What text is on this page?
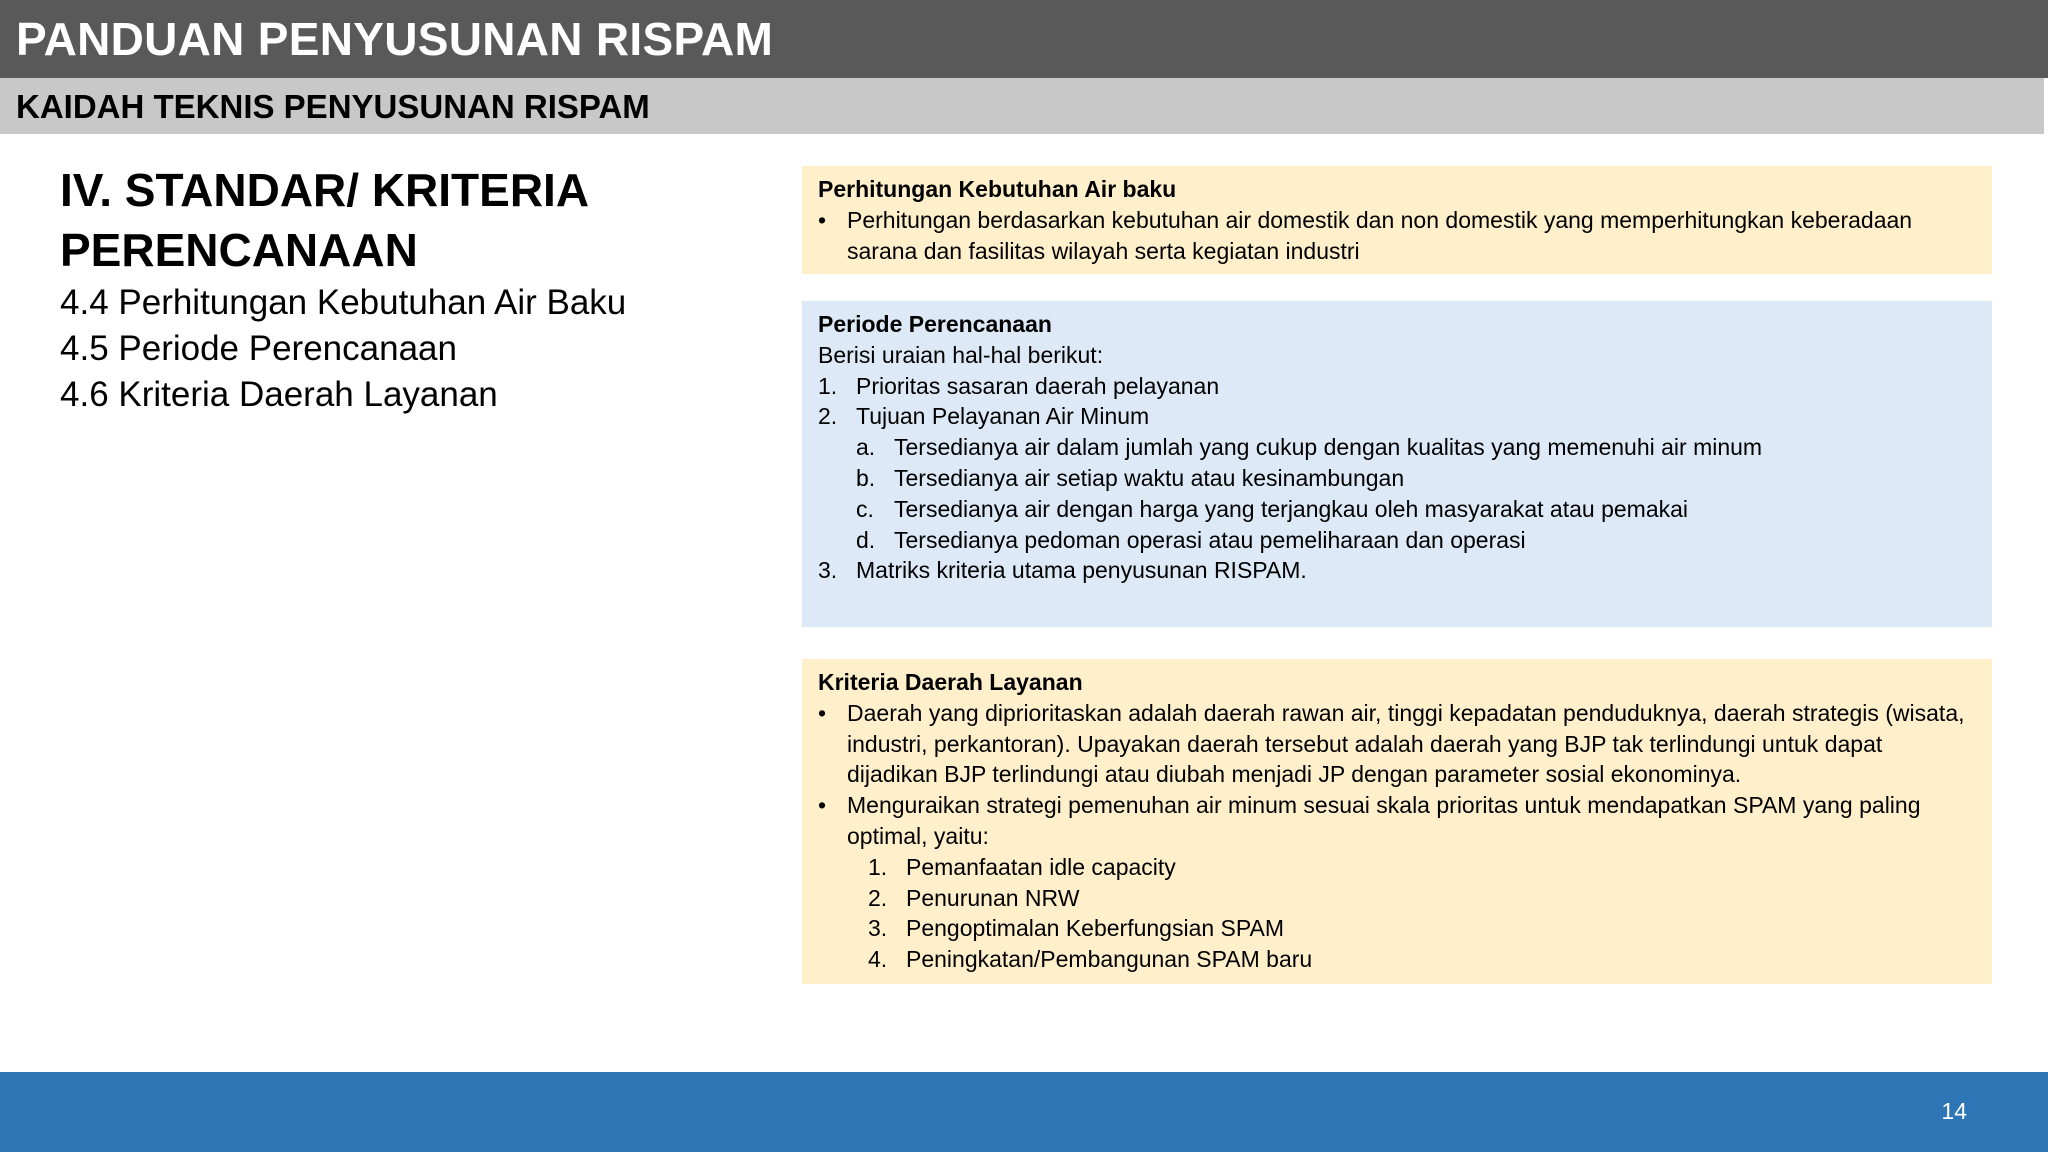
PANDUAN PENYUSUNAN RISPAM
KAIDAH TEKNIS PENYUSUNAN RISPAM
IV. STANDAR/ KRITERIA PERENCANAAN
4.4 Perhitungan Kebutuhan Air Baku
4.5 Periode Perencanaan
4.6 Kriteria Daerah Layanan
Perhitungan Kebutuhan Air baku
• Perhitungan berdasarkan kebutuhan air domestik dan non domestik yang memperhitungkan keberadaan sarana dan fasilitas wilayah serta kegiatan industri
Periode Perencanaan
Berisi uraian hal-hal berikut:
1. Prioritas sasaran daerah pelayanan
2. Tujuan Pelayanan Air Minum
a. Tersedianya air dalam jumlah yang cukup dengan kualitas yang memenuhi air minum
b. Tersedianya air setiap waktu atau kesinambungan
c. Tersedianya air dengan harga yang terjangkau oleh masyarakat atau pemakai
d. Tersedianya pedoman operasi atau pemeliharaan dan operasi
3. Matriks kriteria utama penyusunan RISPAM.
Kriteria Daerah Layanan
• Daerah yang diprioritaskan adalah daerah rawan air, tinggi kepadatan penduduknya, daerah strategis (wisata, industri, perkantoran). Upayakan daerah tersebut adalah daerah yang BJP tak terlindungi untuk dapat dijadikan BJP terlindungi atau diubah menjadi JP dengan parameter sosial ekonominya.
• Menguraikan strategi pemenuhan air minum sesuai skala prioritas untuk mendapatkan SPAM yang paling optimal, yaitu:
1. Pemanfaatan idle capacity
2. Penurunan NRW
3. Pengoptimalan Keberfungsian SPAM
4. Peningkatan/Pembangunan SPAM baru
14
